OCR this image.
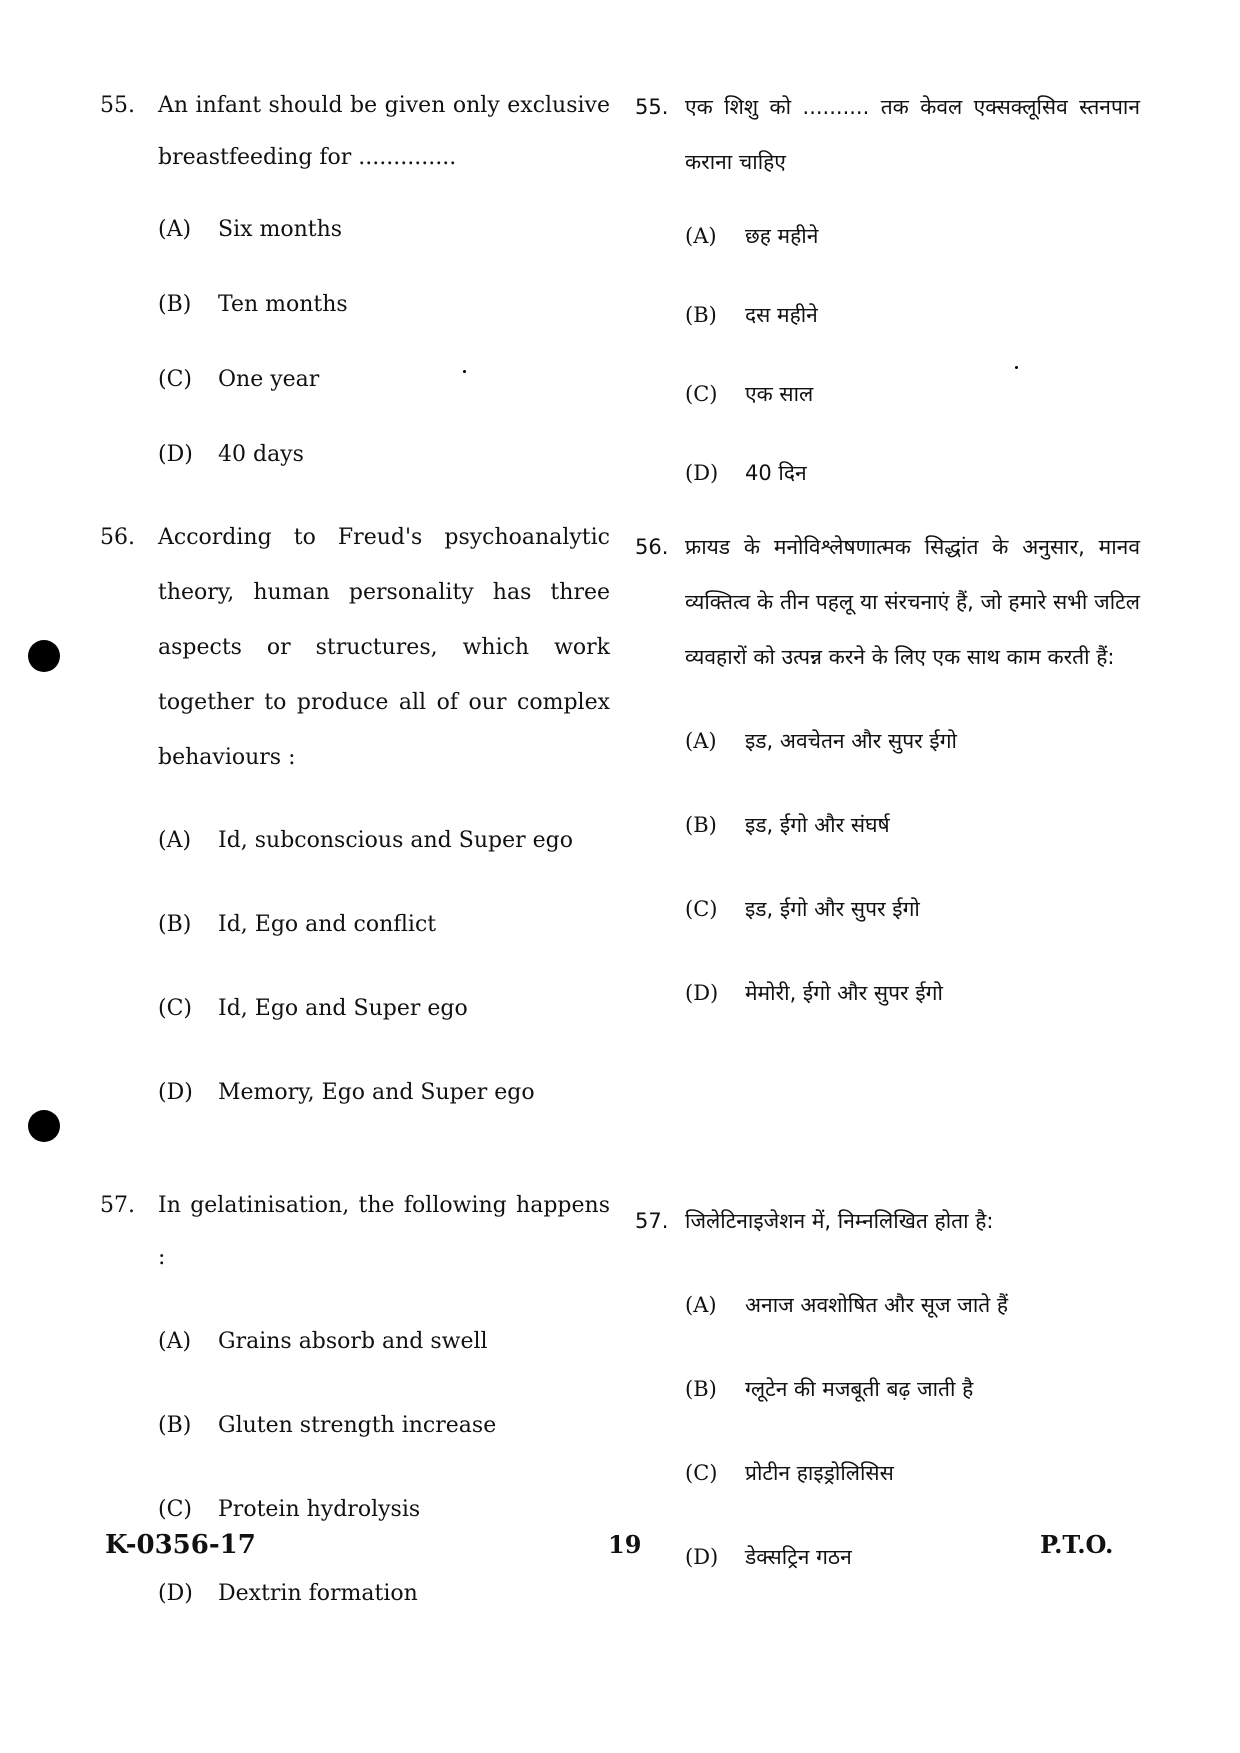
55.	An infant should be given only exclusive breastfeeding for ..............
(A)	Six months
(B)	Ten months
(C)	One year
(D)	40 days
56.	According to Freud's psychoanalytic theory, human personality has three aspects or structures, which work together to produce all of our complex behaviours :
(A)	Id, subconscious and Super ego
(B)	Id, Ego and conflict
(C)	Id, Ego and Super ego
(D)	Memory, Ego and Super ego
57.	In gelatinisation, the following happens :
(A)	Grains absorb and swell
(B)	Gluten strength increase
(C)	Protein hydrolysis
(D)	Dextrin formation
55. एक शिशु को .......... तक केवल एक्सक्लूसिव स्तनपान कराना चाहिए
(A)	छह महीने
(B)	दस महीने
(C)	एक साल
(D)	40 दिन
56. फ्रायड के मनोविश्लेषणात्मक सिद्धांत के अनुसार, मानव व्यक्तित्व के तीन पहलू या संरचनाएं हैं, जो हमारे सभी जटिल व्यवहारों को उत्पन्न करने के लिए एक साथ काम करती हैं:
(A)	इड, अवचेतन और सुपर ईगो
(B)	इड, ईगो और संघर्ष
(C)	इड, ईगो और सुपर ईगो
(D)	मेमोरी, ईगो और सुपर ईगो
57. जिलेटिनाइजेशन में, निम्नलिखित होता है:
(A)	अनाज अवशोषित और सूज जाते हैं
(B)	ग्लूटेन की मजबूती बढ़ जाती है
(C)	प्रोटीन हाइड्रोलिसिस
(D)	डेक्सट्रिन गठन
K-0356-17	19	P.T.O.
